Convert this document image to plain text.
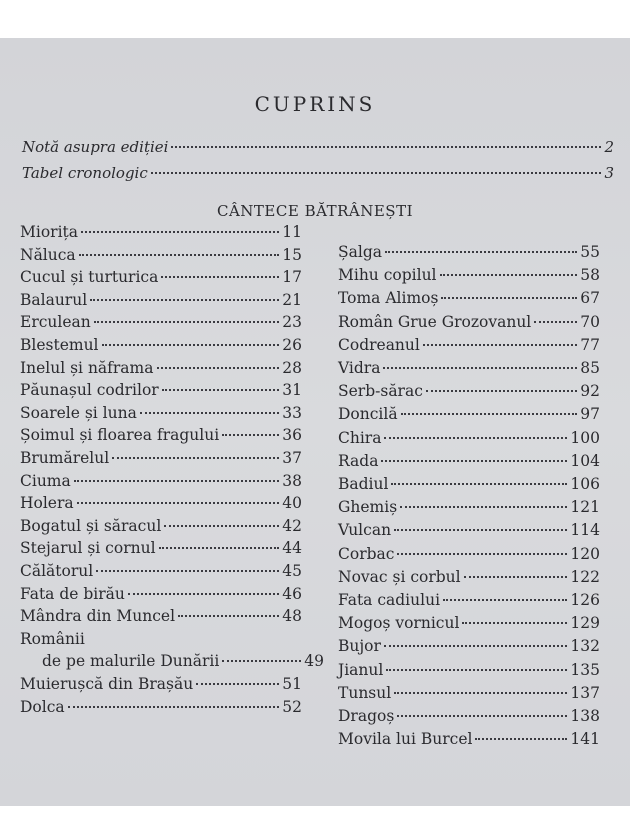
CUPRINS
Notă asupra ediției	2
Tabel cronologic	3
CÂNTECE BĂTRÂNEȘTI
Miorița	11
Năluca	15
Cucul și turturica	17
Balaurul	21
Erculean	23
Blestemul	26
Inelul și năframa	28
Păunașul codrilor	31
Soarele și luna	33
Șoimul și floarea fragului	36
Brumărelul	37
Ciuma	38
Holera	40
Bogatul și săracul	42
Stejarul și cornul	44
Călătorul	45
Fata de birău	46
Mândra din Muncel	48
Românii
de pe malurile Dunării	49
Muierușcă din Brașău	51
Dolca	52
Șalga	55
Mihu copilul	58
Toma Alimoș	67
Român Grue Grozovanul	70
Codreanul	77
Vidra	85
Serb-sărac	92
Doncilă	97
Chira	100
Rada	104
Badiul	106
Ghemiș	121
Vulcan	114
Corbac	120
Novac și corbul	122
Fata cadiului	126
Mogoș vornicul	129
Bujor	132
Jianul	135
Tunsul	137
Dragoș	138
Movila lui Burcel	141
